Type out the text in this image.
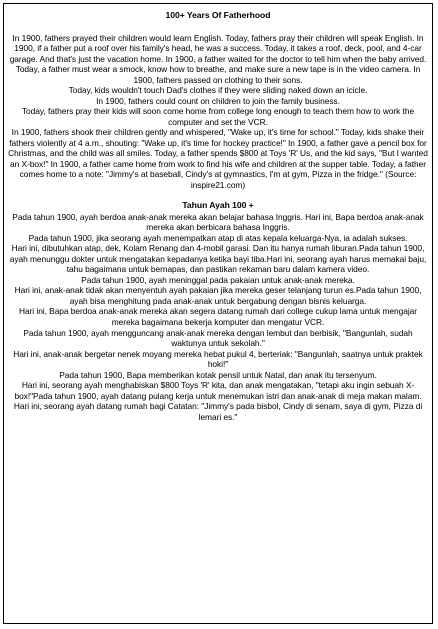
100+ Years Of Fatherhood

In 1900, fathers prayed their children would learn English. Today, fathers pray their children will speak English. In 1900, if a father put a roof over his family's head, he was a success. Today, it takes a roof, deck, pool, and 4-car garage. And that's just the vacation home. In 1900, a father waited for the doctor to tell him when the baby arrived.

Today, a father must wear a smock, know how to breathe, and make sure a new tape is in the video camera. In 1900, fathers passed on clothing to their sons.

Today, kids wouldn't touch Dad's clothes if they were sliding naked down an icicle.

In 1900, fathers could count on children to join the family business.

Today, fathers pray their kids will soon come home from college long enough to teach them how to work the computer and set the VCR.

In 1900, fathers shook their children gently and whispered, "Wake up, it's time for school." Today, kids shake their fathers violently at 4 a.m., shouting: "Wake up, it's time for hockey practice!" In 1900, a father gave a pencil box for Christmas, and the child was all smiles. Today, a father spends $800 at Toys 'R' Us, and the kid says, "But I wanted an X-box!" In 1900, a father came home from work to find his wife and children at the supper table. Today, a father comes home to a note: "Jimmy's at baseball, Cindy's at gymnastics, I'm at gym, Pizza in the fridge." (Source: inspire21.com)

Tahun Ayah 100 +

Pada tahun 1900, ayah berdoa anak-anak mereka akan belajar bahasa Inggris. Hari ini, Bapa berdoa anak-anak mereka akan berbicara bahasa Inggris.

Pada tahun 1900, jika seorang ayah menempatkan atap di atas kepala keluarga-Nya, ia adalah sukses.

Hari ini, dibutuhkan atap, dek, Kolam Renang dan 4-mobil garasi. Dan itu hanya rumah liburan.Pada tahun 1900, ayah menunggu dokter untuk mengatakan kepadanya ketika bayi tiba.Hari ini, seorang ayah harus memakai baju, tahu bagaimana untuk bernapas, dan pastikan rekaman baru dalam kamera video.

Pada tahun 1900, ayah meninggal pada pakaian untuk anak-anak mereka.

Hari ini, anak-anak tidak akan menyentuh ayah pakaian jika mereka geser telanjang turun es.Pada tahun 1900, ayah bisa menghitung pada anak-anak untuk bergabung dengan bisnis keluarga.

Hari ini, Bapa berdoa anak-anak mereka akan segera datang rumah dari college cukup lama untuk mengajar mereka bagaimana bekerja komputer dan mengatur VCR.

Pada tahun 1900, ayah mengguncang anak-anak mereka dengan lembut dan berbisik, "Bangunlah, sudah waktunya untuk sekolah."

Hari ini, anak-anak bergetar nenek moyang mereka hebat pukul 4, berteriak: "Bangunlah, saatnya untuk praktek hoki!"

Pada tahun 1900, Bapa memberikan kotak pensil untuk Natal, dan anak itu tersenyum.

Hari ini, seorang ayah menghabiskan $800 Toys 'R' kita, dan anak mengatakan, "tetapi aku ingin sebuah X-box!"Pada tahun 1900, ayah datang pulang kerja untuk menemukan istri dan anak-anak di meja makan malam.

Hari ini, seorang ayah datang rumah bagi Catatan: "Jimmy's pada bisbol, Cindy di senam, saya di gym, Pizza di lemari es."
